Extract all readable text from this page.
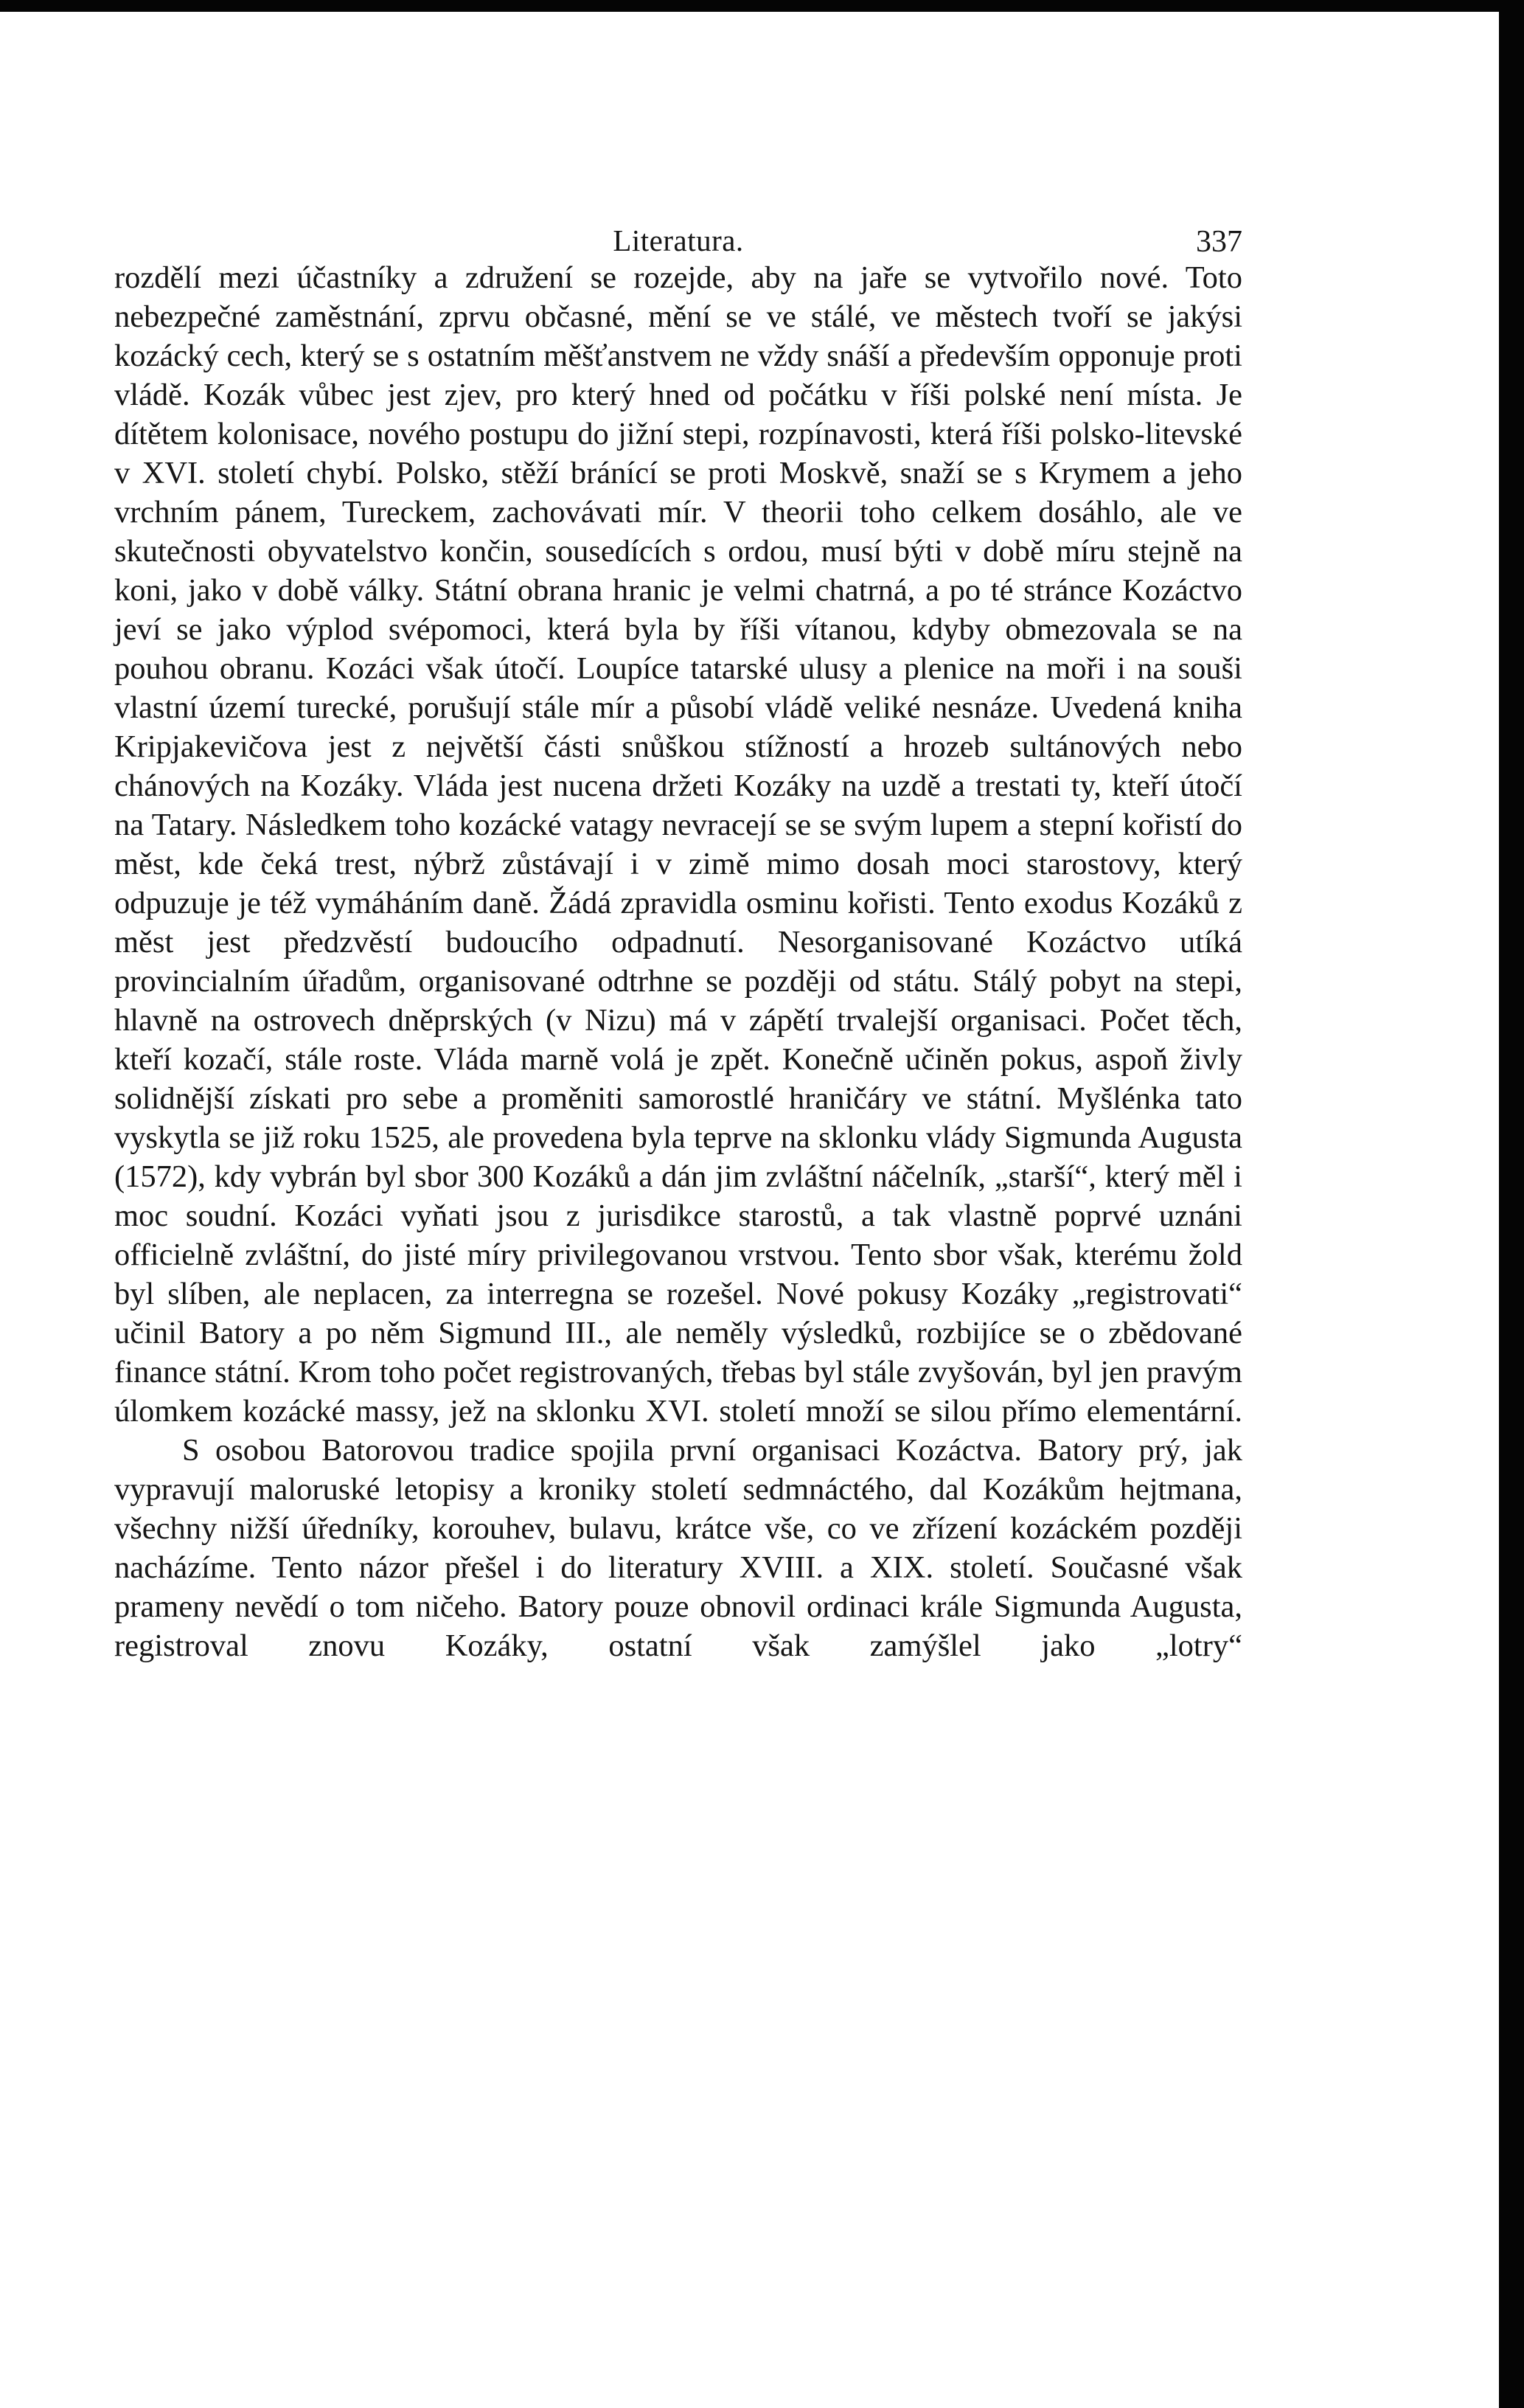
Literatura.	337

rozdělí mezi účastníky a združení se rozejde, aby na jaře se vytvořilo nové. Toto nebezpečné zaměstnání, zprvu občasné, mění se ve stálé, ve městech tvoří se jakýsi kozácký cech, který se s ostatním měšťanstvem ne vždy snáší a především opponuje proti vládě. Kozák vůbec jest zjev, pro který hned od počátku v říši polské není místa. Je dítětem kolonisace, nového postupu do jižní stepi, rozpínavosti, která říši polsko-litevské v XVI. století chybí. Polsko, stěží bránící se proti Moskvě, snaží se s Krymem a jeho vrchním pánem, Tureckem, zachovávati mír. V theorii toho celkem dosáhlo, ale ve skutečnosti obyvatelstvo končin, sousedících s ordou, musí býti v době míru stejně na koni, jako v době války. Státní obrana hranic je velmi chatrná, a po té stránce Kozáctvo jeví se jako výplod svépomoci, která byla by říši vítanou, kdyby obmezovala se na pouhou obranu. Kozáci však útočí. Loupíce tatarské ulusy a plenice na moři i na souši vlastní území turecké, porušují stále mír a působí vládě veliké nesnáze. Uvedená kniha Kripjakevičova jest z největší části snůškou stížností a hrozeb sultánových nebo chánových na Kozáky. Vláda jest nucena držeti Kozáky na uzdě a trestati ty, kteří útočí na Tatary. Následkem toho kozácké vatagy nevracejí se se svým lupem a stepní kořistí do měst, kde čeká trest, nýbrž zůstávají i v zimě mimo dosah moci starostovy, který odpuzuje je též vymáháním daně. Žádá zpravidla osminu kořisti. Tento exodus Kozáků z měst jest předzvěstí budoucího odpadnutí. Nesorganisované Kozáctvo utíká provincialním úřadům, organisované odtrhne se později od státu. Stálý pobyt na stepi, hlavně na ostrovech dněprských (v Nizu) má v zápětí trvalejší organisaci. Počet těch, kteří kozačí, stále roste. Vláda marně volá je zpět. Konečně učiněn pokus, aspoň živly solidnější získati pro sebe a proměniti samorostlé hraničáry ve státní. Myšlénka tato vyskytla se již roku 1525, ale provedena byla teprve na sklonku vlády Sigmunda Augusta (1572), kdy vybrán byl sbor 300 Kozáků a dán jim zvláštní náčelník, „starší“, který měl i moc soudní. Kozáci vyňati jsou z jurisdikce starostů, a tak vlastně poprvé uznáni officielně zvláštní, do jisté míry privilegovanou vrstvou. Tento sbor však, kterému žold byl slíben, ale neplacen, za interregna se rozešel. Nové pokusy Kozáky „registrovati“ učinil Batory a po něm Sigmund III., ale neměly výsledků, rozbijíce se o zbědované finance státní. Krom toho počet registrovaných, třebas byl stále zvyšován, byl jen pravým úlomkem kozácké massy, jež na sklonku XVI. století množí se silou přímo elementární.

S osobou Batorovou tradice spojila první organisaci Kozáctva. Batory prý, jak vypravují maloruské letopisy a kroniky století sedmnáctého, dal Kozákům hejtmana, všechny nižší úředníky, korouhev, bulavu, krátce vše, co ve zřízení kozáckém později nacházíme. Tento názor přešel i do literatury XVIII. a XIX. století. Současné však prameny nevědí o tom ničeho. Batory pouze obnovil ordinaci krále Sigmunda Augusta, registroval znovu Kozáky, ostatní však zamýšlel jako „lotry“
